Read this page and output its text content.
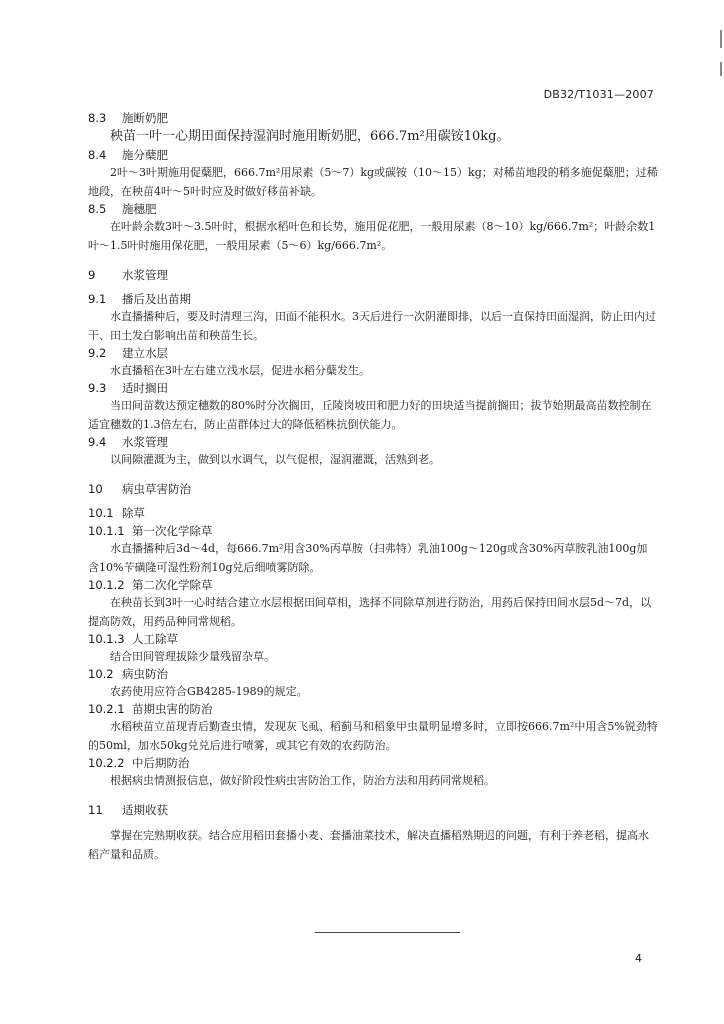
DB32/T1031—2007
8.3 施断奶肥
秧苗一叶一心期田面保持湿润时施用断奶肥，666.7m²用碳铵10kg。
8.4 施分蘖肥
2叶～3叶期施用促蘖肥，666.7m²用尿素（5～7）kg或碳铵（10～15）kg；对稀苗地段的稍多施促蘖肥；过稀地段，在秧苗4叶～5叶时应及时做好移苗补缺。
8.5 施穗肥
在叶龄余数3叶～3.5叶时，根据水稻叶色和长势，施用促花肥，一般用尿素（8～10）kg/666.7m²；叶龄余数1叶～1.5叶时施用保花肥，一般用尿素（5～6）kg/666.7m²。
9 水浆管理
9.1 播后及出苗期
水直播播种后，要及时清理三沟，田面不能积水。3天后进行一次阴灌即排，以后一直保持田面湿润，防止田内过干、田土发白影响出苗和秧苗生长。
9.2 建立水层
水直播稻在3叶左右建立浅水层，促进水稻分蘖发生。
9.3 适时搁田
当田间苗数达预定穗数的80%时分次搁田，丘陵岗坡田和肥力好的田块适当提前搁田；拔节始期最高苗数控制在适宜穗数的1.3倍左右，防止苗群体过大的降低稻株抗倒伏能力。
9.4 水浆管理
以间隙灌溉为主，做到以水调气，以气促根，湿润灌溉，活熟到老。
10 病虫草害防治
10.1 除草
10.1.1 第一次化学除草
水直播播种后3d～4d，每666.7m²用含30%丙草胺（扫弗特）乳油100g～120g或含30%丙草胺乳油100g加含10%苄磺隆可湿性粉剂10g兑后细喷雾防除。
10.1.2 第二次化学除草
在秧苗长到3叶一心时结合建立水层根据田间草相，选择不同除草剂进行防治，用药后保持田间水层5d～7d，以提高防效，用药品种同常规稻。
10.1.3 人工除草
结合田间管理拔除少量残留杂草。
10.2 病虫防治
农药使用应符合GB4285-1989的规定。
10.2.1 苗期虫害的防治
水稻秧苗立苗现青后勤查虫情，发现灰飞虱、稻蓟马和稻象甲虫量明显增多时，立即按666.7m²中用含5%锐劲特的50ml，加水50kg兑兑后进行喷雾，或其它有效的农药防治。
10.2.2 中后期防治
根据病虫情测报信息，做好阶段性病虫害防治工作，防治方法和用药同常规稻。
11 适期收获
掌握在完熟期收获。结合应用稻田套播小麦、套播油菜技术，解决直播稻熟期迟的问题，有利于养老稻，提高水稻产量和品质。
4
